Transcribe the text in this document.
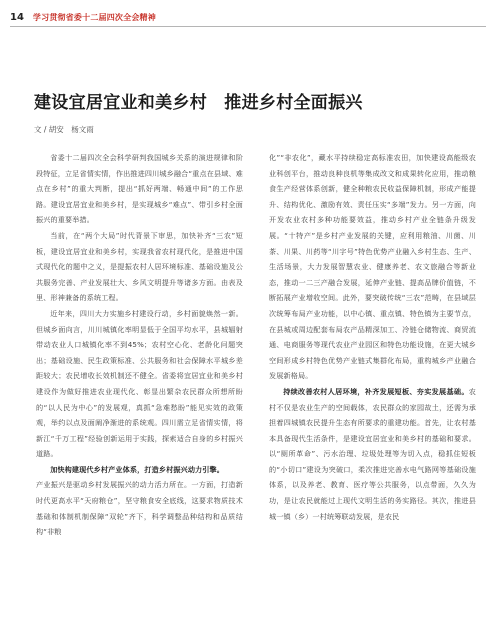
14 学习贯彻省委十二届四次全会精神
建设宜居宜业和美乡村　推进乡村全面振兴
文 / 胡安　杨文雨

省委十二届四次全会科学研判我国城乡关系的演进规律和阶段特征，立足省情实情，作出推进四川城乡融合“重点在县域、难点在乡村”的重大判断，提出“抓好两端、畅通中间”的工作思路。建设宜居宜业和美乡村，是实现城乡“难点”、带引乡村全面振兴的重要举措。

当前，在“两个大局”时代背景下审思，加快补齐“三农”短板，建设宜居宜业和美乡村，实现我省农村现代化，是推进中国式现代化的题中之义，是提振农村人居环境标准、基础设施及公共服务完善、产业发展壮大、乡风文明提升等诸多方面。由表及里、形神兼备的系统工程。

近年来，四川大力实施乡村建设行动，乡村面貌焕然一新。但城乡面向言，川川城镇化率明显低于全国平均水平，县城辐射带动农业人口城镇化率不到45%；农村空心化、老龄化问题突出；基础设施、民生政策标准、公共服务和社会保障水平城乡差距较大；农民增收长效机制还不健全。省委将宜居宜业和美乡村建设作为做好推进农业现代化、彰显出繁杂农民群众所想所盼的“以人民为中心”的发展观，真抓“急难愁盼”能见实效的政策观，举约以点及面阐净渐进的系统观。四川需立足省情实情，将新江“千万工程”经验创新运用于实践，探索适合自身的乡村振兴道路。

加快构建现代乡村产业体系，打造乡村振兴动力引擎。

产业振兴是驱动乡村发展振兴的动力活力所在。一方面，打造新时代更高水平“天府粮仓”，坚守粮食安全底线，这要求物质技术基础和体制机制保障“双轮”齐下，科学调整品种结构和品质结构“非粮

化”“非农化”，藏水平持续稳定高标准农田，加快建设高能级农业科创平台，推动良种良机等集成改文和成果转化应用，推动粮食生产经营体系创新，健全种粮农民收益保障机制，形成产能提升、结构优化、激励有效、责任压实“多端”发力。另一方面，向开发农业农村多种功能要效益，推动乡村产业全链条升级发展。“十特产”是乡村产业发展的关键，应利用粮油、川菌、川茶、川果、川药等“川字号”特色优势产业融入乡村生态、生产、生活场景，大力发展智慧农业、健康养老、农文旅融合等新业态，推动一二三产融合发展，延伸产业链、提高品牌价值链，不断拓展产业增收空间。此外，要突破传统“三农”范畴，在县域层次统筹布局产业功能，以中心镇、重点镇、特色镇为主要节点，在县城或周边配套布局农产品精深加工、冷链仓储物流、商贸流通、电商服务等现代农业产业园区和特色功能设施，在更大城乡空间形成乡村特色优势产业链式集群化布局，重构城乡产业融合发展新格局。

持续改善农村人居环境，补齐发展短板、夯实发展基础。农村不仅是农业生产的空间载体，农民群众的家园故土，还需为承担着四城镇农民提升生态有所要求的重建功能。首先，让农村基本具备现代生活条件，是建设宜居宜业和美乡村的基础和要求。以“厕所革命”、污水治理、垃圾处理等为切入点，稳抓住短板的“小切口”建设为突破口，柔次推进完善水电气路网等基础设施体系，以及养老、教育、医疗等公共服务，以点带面，久久为功，是让农民就能过上现代文明生活的务实路径。其次，推进县城一镇（乡）一村统筹联动发展，是农民
